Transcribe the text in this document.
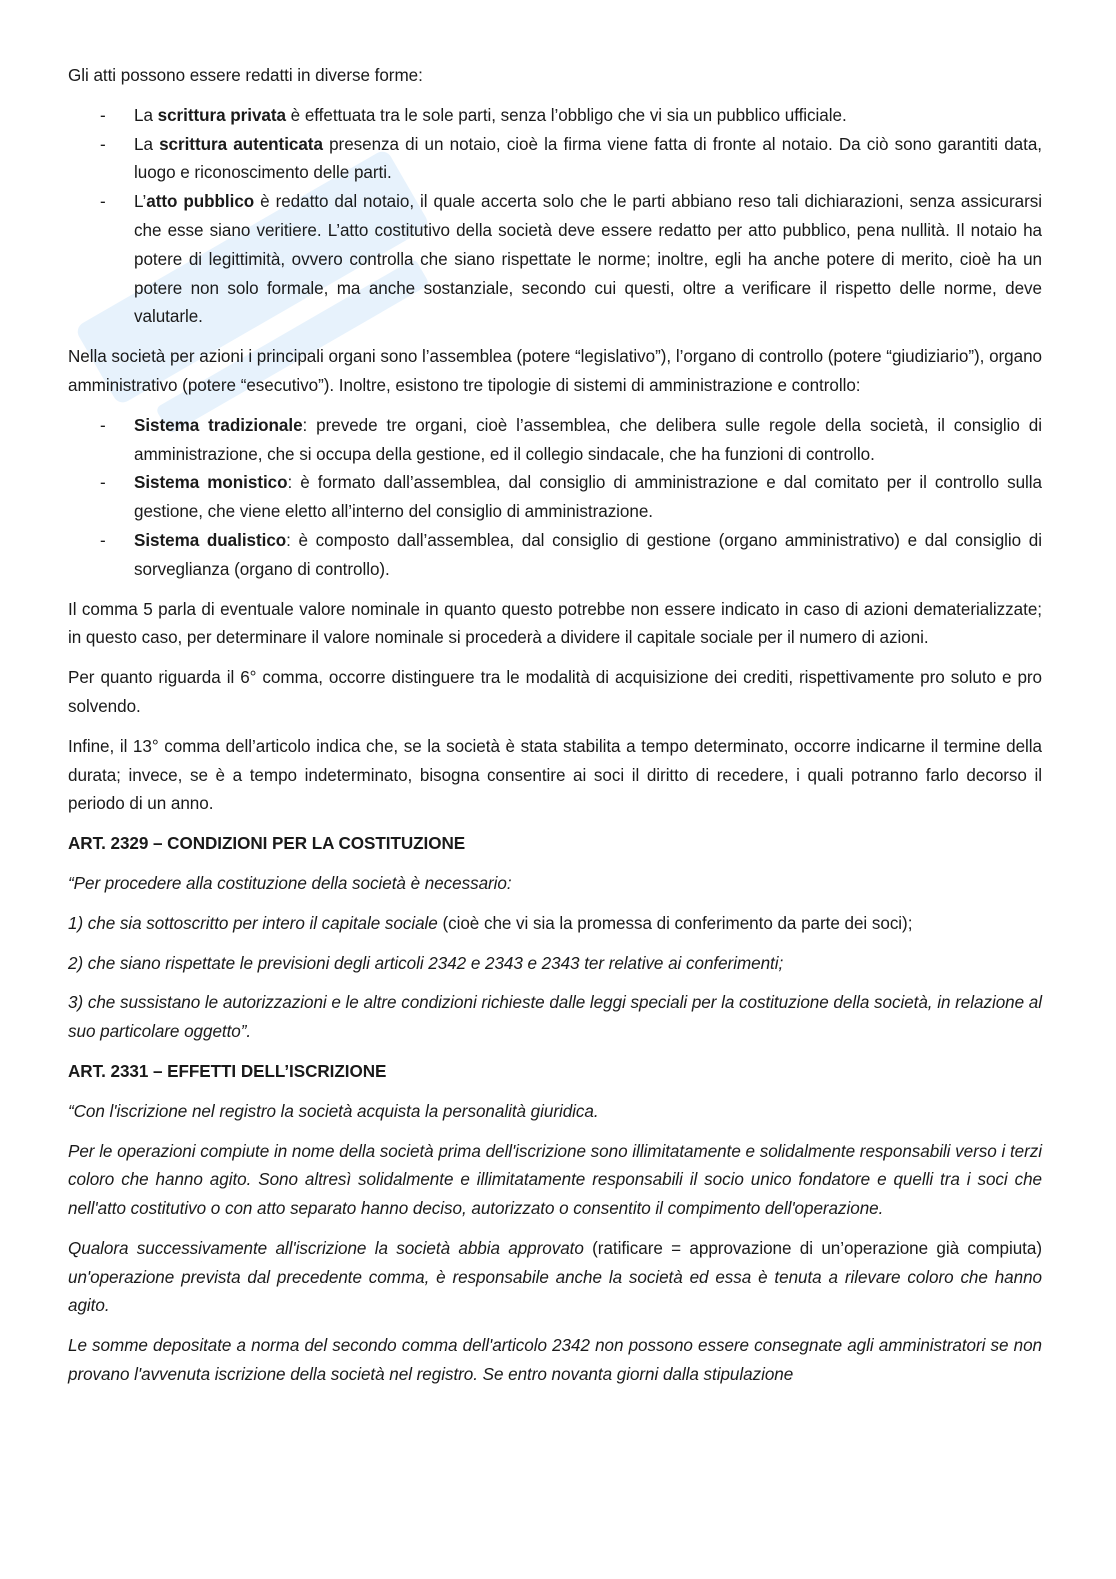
Gli atti possono essere redatti in diverse forme:

- La scrittura privata è effettuata tra le sole parti, senza l’obbligo che vi sia un pubblico ufficiale.
- La scrittura autenticata presenza di un notaio, cioè la firma viene fatta di fronte al notaio. Da ciò sono garantiti data, luogo e riconoscimento delle parti.
- L’atto pubblico è redatto dal notaio, il quale accerta solo che le parti abbiano reso tali dichiarazioni, senza assicurarsi che esse siano veritiere. L’atto costitutivo della società deve essere redatto per atto pubblico, pena nullità. Il notaio ha potere di legittimità, ovvero controlla che siano rispettate le norme; inoltre, egli ha anche potere di merito, cioè ha un potere non solo formale, ma anche sostanziale, secondo cui questi, oltre a verificare il rispetto delle norme, deve valutarle.

Nella società per azioni i principali organi sono l’assemblea (potere “legislativo”), l’organo di controllo (potere “giudiziario”), organo amministrativo (potere “esecutivo”). Inoltre, esistono tre tipologie di sistemi di amministrazione e controllo:

- Sistema tradizionale: prevede tre organi, cioè l’assemblea, che delibera sulle regole della società, il consiglio di amministrazione, che si occupa della gestione, ed il collegio sindacale, che ha funzioni di controllo.
- Sistema monistico: è formato dall’assemblea, dal consiglio di amministrazione e dal comitato per il controllo sulla gestione, che viene eletto all’interno del consiglio di amministrazione.
- Sistema dualistico: è composto dall’assemblea, dal consiglio di gestione (organo amministrativo) e dal consiglio di sorveglianza (organo di controllo).

Il comma 5 parla di eventuale valore nominale in quanto questo potrebbe non essere indicato in caso di azioni dematerializzate; in questo caso, per determinare il valore nominale si procederà a dividere il capitale sociale per il numero di azioni.

Per quanto riguarda il 6° comma, occorre distinguere tra le modalità di acquisizione dei crediti, rispettivamente pro soluto e pro solvendo.

Infine, il 13° comma dell’articolo indica che, se la società è stata stabilita a tempo determinato, occorre indicarne il termine della durata; invece, se è a tempo indeterminato, bisogna consentire ai soci il diritto di recedere, i quali potranno farlo decorso il periodo di un anno.

ART. 2329 – CONDIZIONI PER LA COSTITUZIONE

“Per procedere alla costituzione della società è necessario:

1) che sia sottoscritto per intero il capitale sociale (cioè che vi sia la promessa di conferimento da parte dei soci);

2) che siano rispettate le previsioni degli articoli 2342 e 2343 e 2343 ter relative ai conferimenti;

3) che sussistano le autorizzazioni e le altre condizioni richieste dalle leggi speciali per la costituzione della società, in relazione al suo particolare oggetto”.

ART. 2331 – EFFETTI DELL’ISCRIZIONE

“Con l'iscrizione nel registro la società acquista la personalità giuridica.

Per le operazioni compiute in nome della società prima dell'iscrizione sono illimitatamente e solidalmente responsabili verso i terzi coloro che hanno agito. Sono altresì solidalmente e illimitatamente responsabili il socio unico fondatore e quelli tra i soci che nell'atto costitutivo o con atto separato hanno deciso, autorizzato o consentito il compimento dell'operazione.

Qualora successivamente all'iscrizione la società abbia approvato (ratificare = approvazione di un’operazione già compiuta) un'operazione prevista dal precedente comma, è responsabile anche la società ed essa è tenuta a rilevare coloro che hanno agito.

Le somme depositate a norma del secondo comma dell'articolo 2342 non possono essere consegnate agli amministratori se non provano l'avvenuta iscrizione della società nel registro. Se entro novanta giorni dalla stipulazione
